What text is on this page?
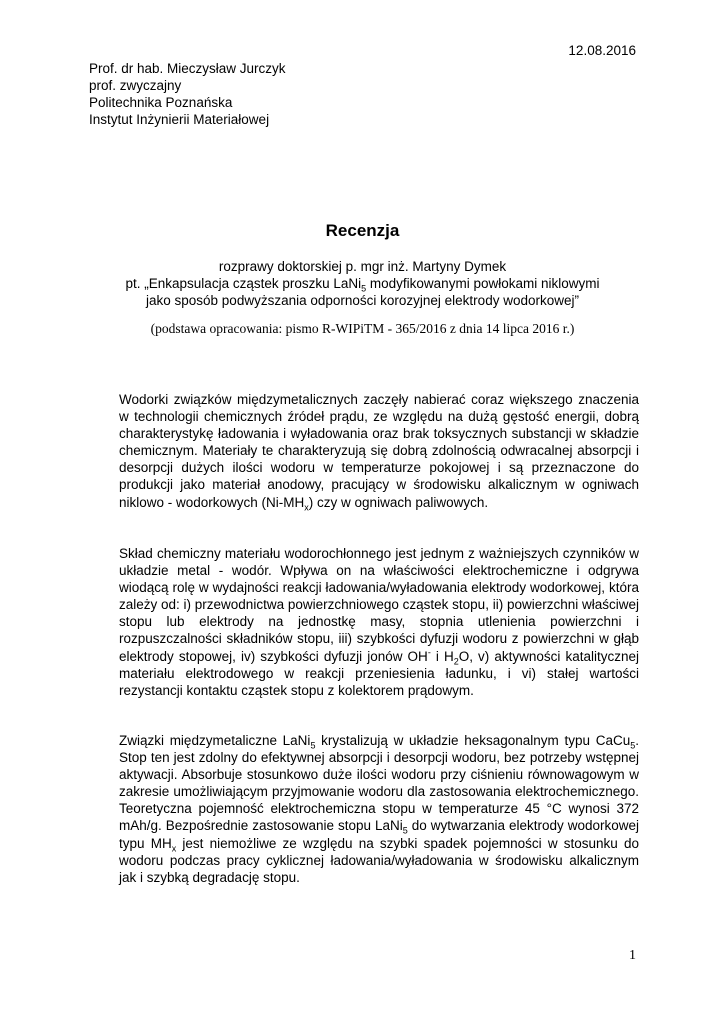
12.08.2016
Prof. dr hab. Mieczysław Jurczyk
prof. zwyczajny
Politechnika Poznańska
Instytut Inżynierii Materiałowej
Recenzja
rozprawy doktorskiej p. mgr inż. Martyny Dymek
pt. „Enkapsulacja cząstek proszku LaNi$_5$ modyfikowanymi powłokami niklowymi
jako sposób podwyższania odporności korozyjnej elektrody wodorkowej”
(podstawa opracowania: pismo R-WIPiTM - 365/2016 z dnia 14 lipca 2016 r.)

Wodorki związków międzymetalicznych zaczęły nabierać coraz większego znaczenia w technologii chemicznych źródeł prądu, ze względu na dużą gęstość energii, dobrą charakterystykę ładowania i wyładowania oraz brak toksycznych substancji w składzie chemicznym. Materiały te charakteryzują się dobrą zdolnością odwracalnej absorpcji i desorpcji dużych ilości wodoru w temperaturze pokojowej i są przeznaczone do produkcji jako materiał anodowy, pracujący w środowisku alkalicznym w ogniwach niklowo - wodorkowych $(Ni-MH_x)$ czy w ogniwach paliwowych.

Skład chemiczny materiału wodorochłonnego jest jednym z ważniejszych czynników w układzie metal - wodór. Wpływa on na właściwości elektrochemiczne i odgrywa wiodącą rolę w wydajności reakcji ładowania/wyładowania elektrody wodorkowej, która zależy od: i) przewodnictwa powierzchniowego cząstek stopu, ii) powierzchni właściwej stopu lub elektrody na jednostkę masy, stopnia utlenienia powierzchni i rozpuszczalności składników stopu, iii) szybkości dyfuzji wodoru z powierzchni w głąb elektrody stopowej, iv) szybkości dyfuzji jonów OH- i $H_2O$, v) aktywności katalitycznej materiału elektrodowego w reakcji przeniesienia ładunku, i vi) stałej wartości rezystancji kontaktu cząstek stopu z kolektorem prądowym.

Związki międzymetaliczne LaNi$_5$ krystalizują w układzie heksagonalnym typu CaCu$_5$. Stop ten jest zdolny do efektywnej absorpcji i desorpcji wodoru, bez potrzeby wstępnej aktywacji. Absorbuje stosunkowo duże ilości wodoru przy ciśnieniu równowagowym w zakresie umożliwiającym przyjmowanie wodoru dla zastosowania elektrochemicznego. Teoretyczna pojemność elektrochemiczna stopu w temperaturze 45 °C wynosi 372 mAh/g. Bezpośrednie zastosowanie stopu LaNi$_5$ do wytwarzania elektrody wodorkowej typu $MH_x$ jest niemożliwe ze względu na szybki spadek pojemności w stosunku do wodoru podczas pracy cyklicznej ładowania/wyładowania w środowisku alkalicznym jak i szybką degradację stopu.

1
